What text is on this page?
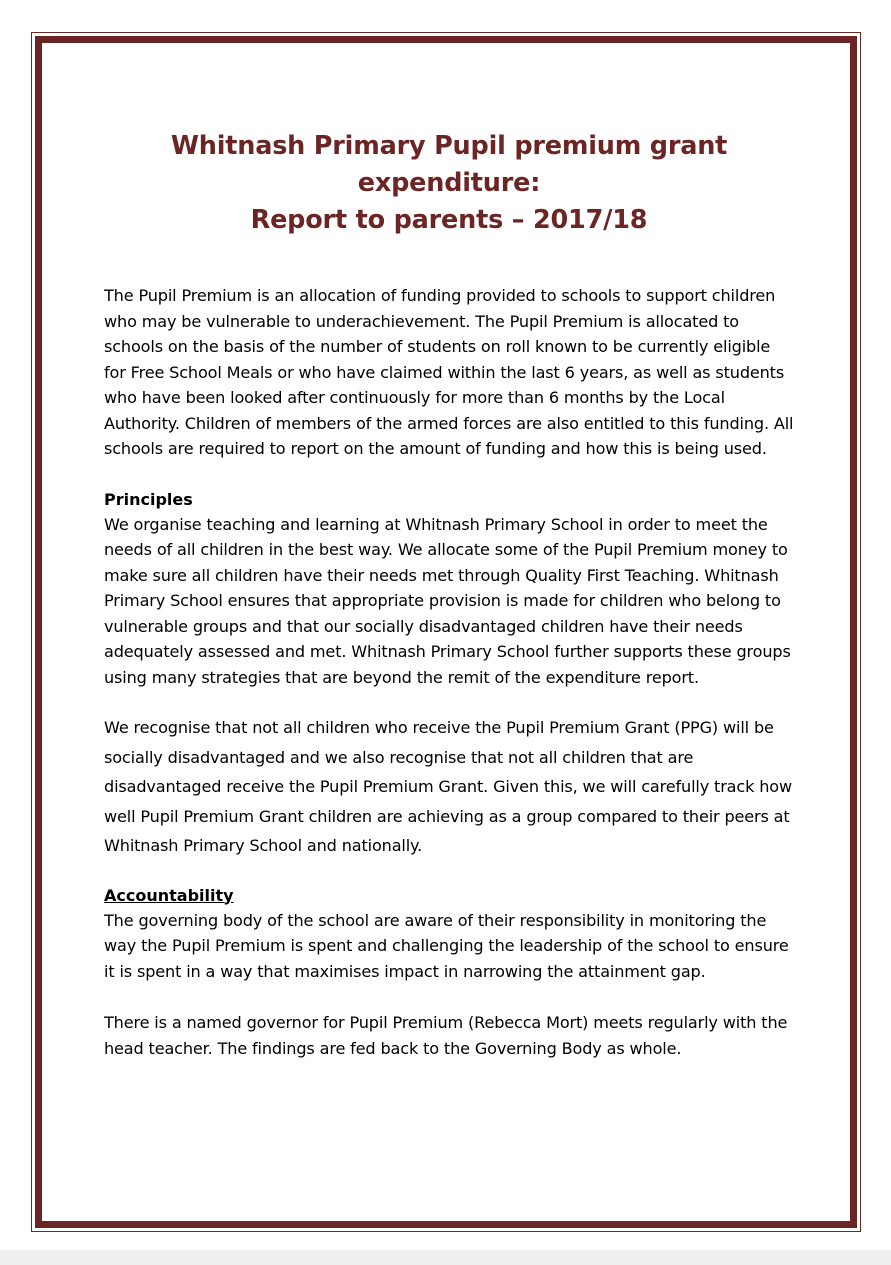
Whitnash Primary Pupil premium grant expenditure:
Report to parents – 2017/18

The Pupil Premium is an allocation of funding provided to schools to support children who may be vulnerable to underachievement. The Pupil Premium is allocated to schools on the basis of the number of students on roll known to be currently eligible for Free School Meals or who have claimed within the last 6 years, as well as students who have been looked after continuously for more than 6 months by the Local Authority. Children of members of the armed forces are also entitled to this funding. All schools are required to report on the amount of funding and how this is being used.

Principles

We organise teaching and learning at Whitnash Primary School in order to meet the needs of all children in the best way. We allocate some of the Pupil Premium money to make sure all children have their needs met through Quality First Teaching. Whitnash Primary School ensures that appropriate provision is made for children who belong to vulnerable groups and that our socially disadvantaged children have their needs adequately assessed and met. Whitnash Primary School further supports these groups using many strategies that are beyond the remit of the expenditure report.

We recognise that not all children who receive the Pupil Premium Grant (PPG) will be socially disadvantaged and we also recognise that not all children that are disadvantaged receive the Pupil Premium Grant. Given this, we will carefully track how well Pupil Premium Grant children are achieving as a group compared to their peers at Whitnash Primary School and nationally.

Accountability

The governing body of the school are aware of their responsibility in monitoring the way the Pupil Premium is spent and challenging the leadership of the school to ensure it is spent in a way that maximises impact in narrowing the attainment gap.

There is a named governor for Pupil Premium (Rebecca Mort) meets regularly with the head teacher. The findings are fed back to the Governing Body as whole.
